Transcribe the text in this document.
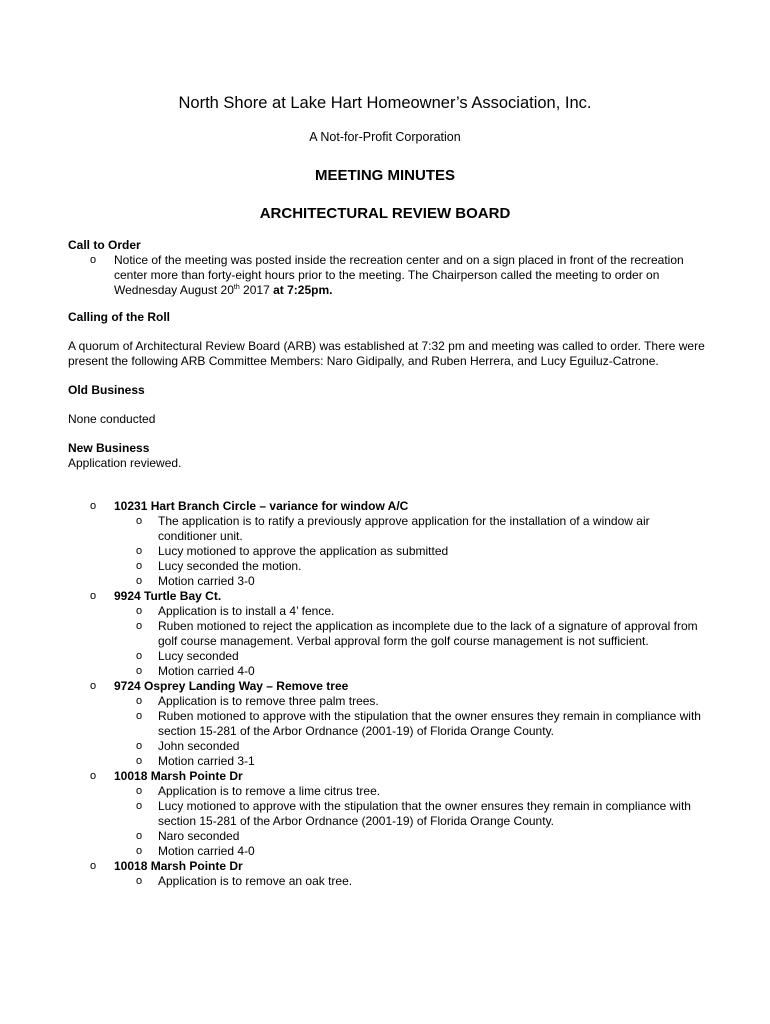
North Shore at Lake Hart Homeowner’s Association, Inc.
A Not-for-Profit Corporation
MEETING MINUTES
ARCHITECTURAL REVIEW BOARD

Call to Order

o	Notice of the meeting was posted inside the recreation center and on a sign placed in front of the recreation center more than forty-eight hours prior to the meeting. The Chairperson called the meeting to order on Wednesday August 20th 2017 at 7:25pm.

Calling of the Roll

A quorum of Architectural Review Board (ARB) was established at 7:32 pm and meeting was called to order. There were present the following ARB Committee Members: Naro Gidipally, and Ruben Herrera, and Lucy Eguiluz-Catrone.

Old Business

None conducted

New Business

Application reviewed.

o	10231 Hart Branch Circle – variance for window A/C
o	The application is to ratify a previously approve application for the installation of a window air conditioner unit.
o	Lucy motioned to approve the application as submitted
o	Lucy seconded the motion.
o	Motion carried 3-0
o	9924 Turtle Bay Ct.
o	Application is to install a 4’ fence.
o	Ruben motioned to reject the application as incomplete due to the lack of a signature of approval from golf course management. Verbal approval form the golf course management is not sufficient.
o	Lucy seconded
o	Motion carried 4-0
o	9724 Osprey Landing Way – Remove tree
o	Application is to remove three palm trees.
o	Ruben motioned to approve with the stipulation that the owner ensures they remain in compliance with section 15-281 of the Arbor Ordnance (2001-19) of Florida Orange County.
o	John seconded
o	Motion carried 3-1
o	10018 Marsh Pointe Dr
o	Application is to remove a lime citrus tree.
o	Lucy motioned to approve with the stipulation that the owner ensures they remain in compliance with section 15-281 of the Arbor Ordnance (2001-19) of Florida Orange County.
o	Naro seconded
o	Motion carried 4-0
o	10018 Marsh Pointe Dr
o	Application is to remove an oak tree.
